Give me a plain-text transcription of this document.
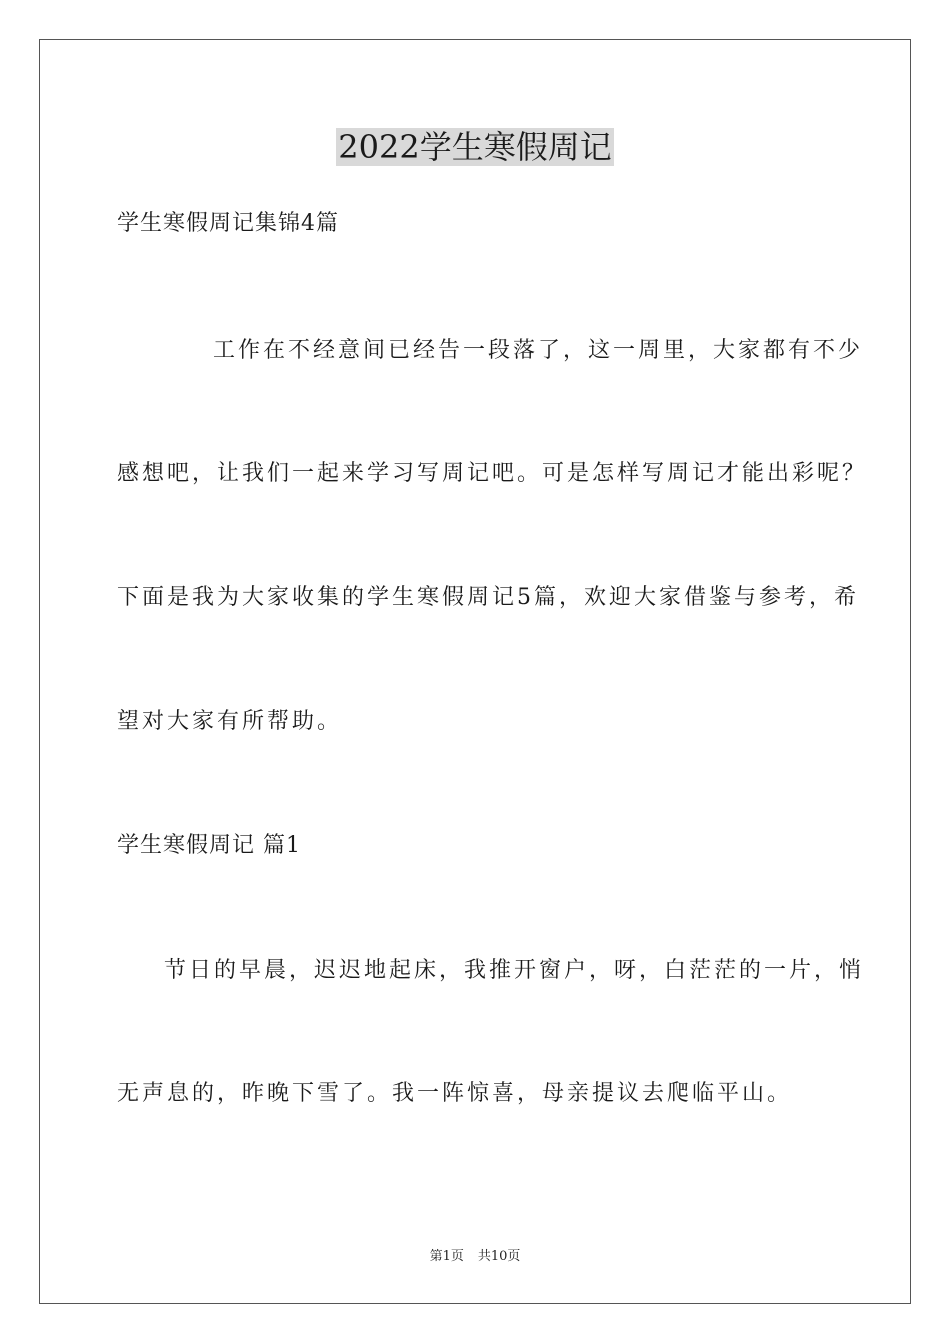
2022学生寒假周记
学生寒假周记集锦4篇
工作在不经意间已经告一段落了，这一周里，大家都有不少
感想吧，让我们一起来学习写周记吧。可是怎样写周记才能出彩呢？
下面是我为大家收集的学生寒假周记5篇，欢迎大家借鉴与参考，希
望对大家有所帮助。
学生寒假周记 篇1
节日的早晨，迟迟地起床，我推开窗户，呀，白茫茫的一片，悄
无声息的，昨晚下雪了。我一阵惊喜，母亲提议去爬临平山。
第1页 共10页
